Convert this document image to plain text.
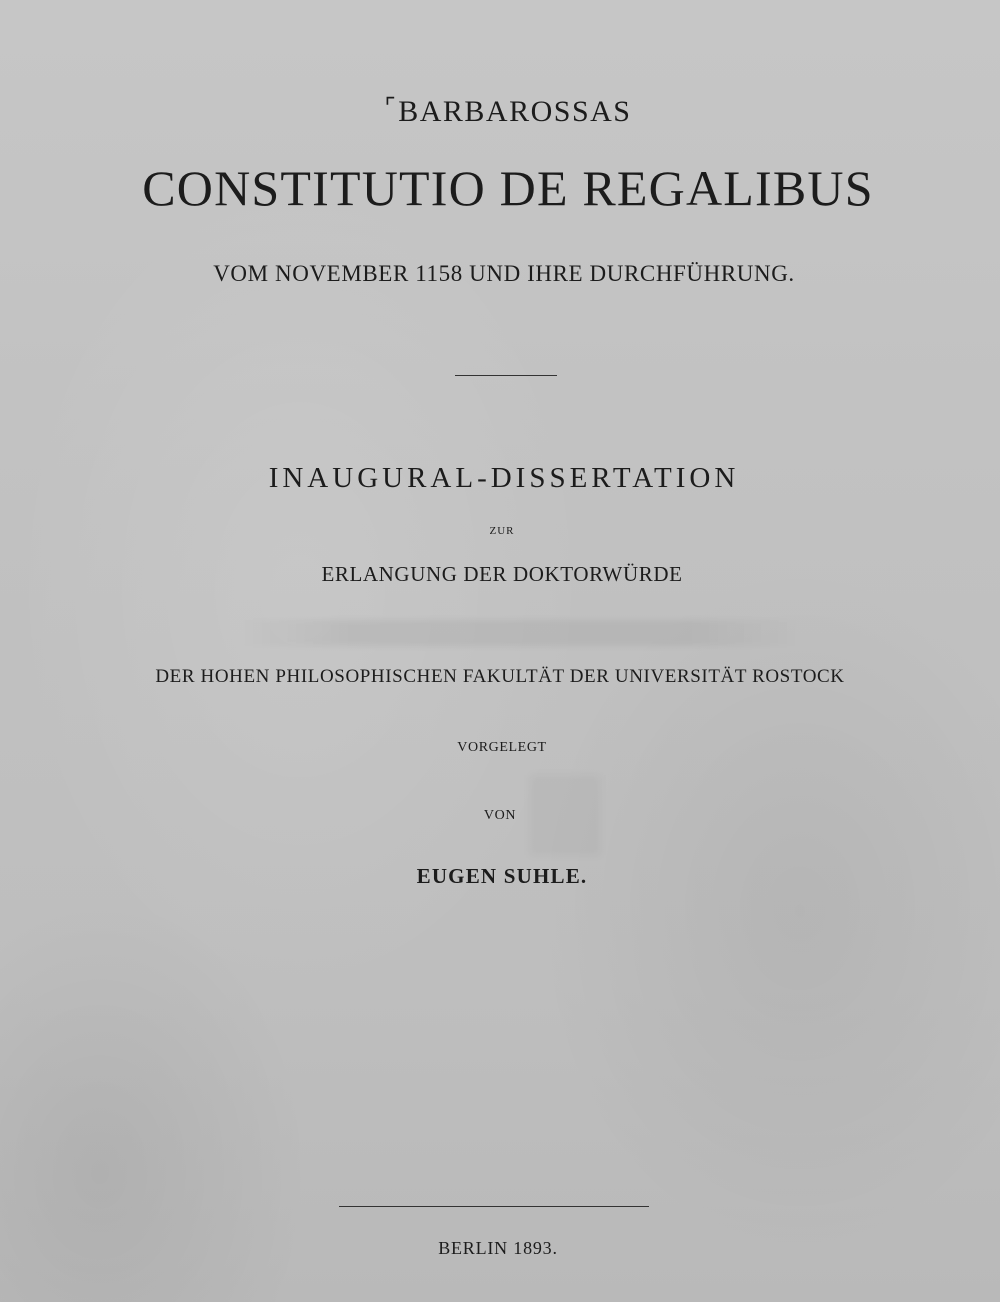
⌜BARBAROSSAS
CONSTITUTIO DE REGALIBUS
VOM NOVEMBER 1158 UND IHRE DURCHFÜHRUNG.
INAUGURAL-DISSERTATION
ZUR
ERLANGUNG DER DOKTORWÜRDE
DER HOHEN PHILOSOPHISCHEN FAKULTÄT DER UNIVERSITÄT ROSTOCK
VORGELEGT
VON
EUGEN SUHLE.
BERLIN 1893.
